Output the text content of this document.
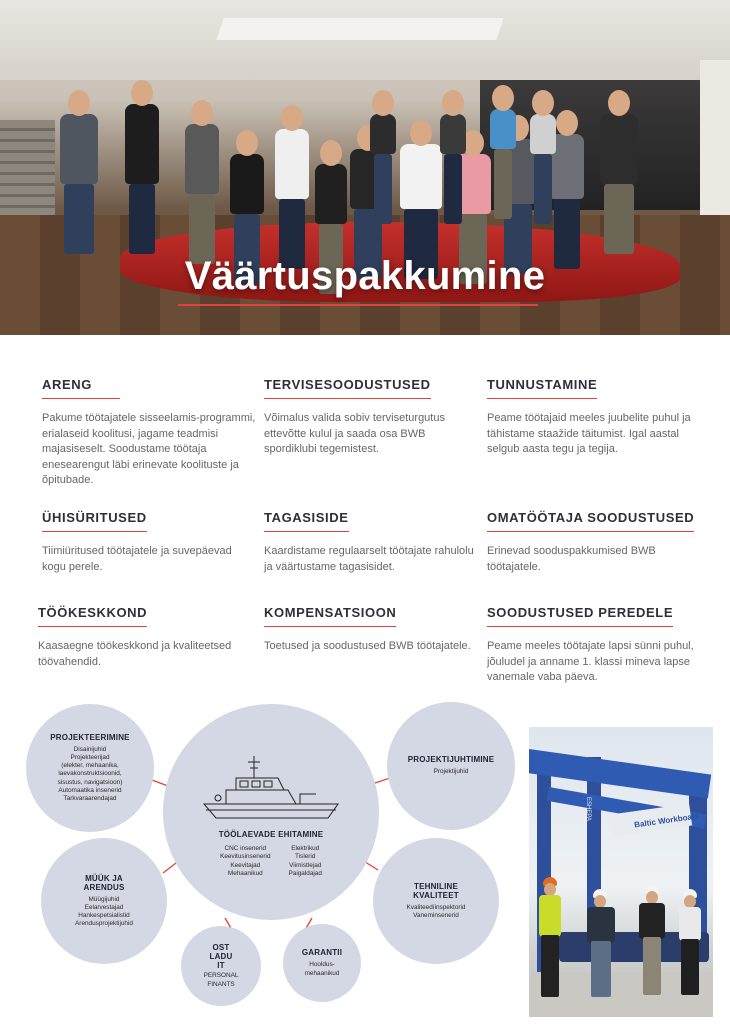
Väärtuspakkumine
ARENG
Pakume töötajatele sisseelamis-programmi, erialaseid koolitusi, jagame teadmisi majasiseselt. Soodustame töötaja enesearengut läbi erinevate koolituste ja õpitubade.
TERVISESOODUSTUSED
Võimalus valida sobiv terviseturgutus ettevõtte kulul ja saada osa BWB spordiklubi tegemistest.
TUNNUSTAMINE
Peame töötajaid meeles juubelite puhul ja tähistame staažide täitumist. Igal aastal selgub aasta tegu ja tegija.
ÜHISÜRITUSED
Tiimiüritused töötajatele ja suvepäevad kogu perele.
TAGASISIDE
Kaardistame regulaarselt töötajate rahulolu ja väärtustame tagasisidet.
OMATÖÖTAJA SOODUSTUSED
Erinevad sooduspakkumised BWB töötajatele.
TÖÖKESKKOND
Kaasaegne töökeskkond ja kvaliteetsed töövahendid.
KOMPENSATSIOON
Toetused ja soodustused BWB töötajatele.
SOODUSTUSED PEREDELE
Peame meeles töötajate lapsi sünni puhul, jõuludel ja anname 1. klassi mineva lapse vanemale vaba päeva.
TÖÖLAEVADE EHITAMINE
CNC insenerid
Keevitusinsenerid
Keevitajad
Mehaanikud
Elektrikud
Tislerid
Viimistlejad
Paigaldajad
PROJEKTEERIMINE
Disainijuhid
Projekteerijad
(elekter, mehaanika,
laevakonstruktsioonid,
sisustus, navigatsioon)
Automaatika insenerid
Tarkvaraarendajad
PROJEKTIJUHTIMINE
Projektijuhid
MÜÜK JA
ARENDUS
Müügijuhid
Eelarvestajad
Hankespetsialistid
Arendusprojektijuhid
TEHNILINE
KVALITEET
Kvaliteedíinspektorid
Vaneminsenerid
OST
LADU
IT
PERSONAL
FINANTS
GARANTII
Hooldus-
mehaanikud
Baltic Workboats
ESHEPA
